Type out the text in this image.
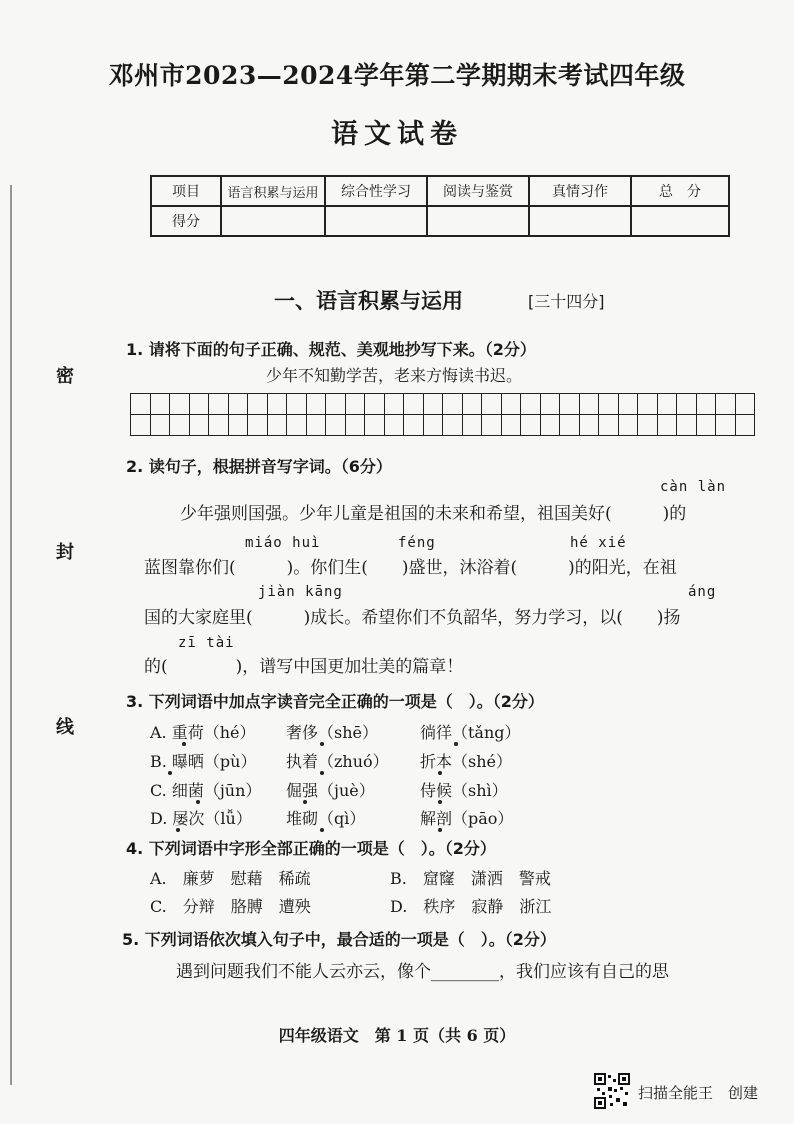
密
封
线
邓州市2023—2024学年第二学期期末考试四年级
语文试卷
项目	语言积累与运用	综合性学习	阅读与鉴赏	真情习作	总　分
得分					
一、语言积累与运用	[三十四分]
1. 请将下面的句子正确、规范、美观地抄写下来。（2分）
少年不知勤学苦，老来方悔读书迟。

2. 读句子，根据拼音写字词。（6分）
càn làn
少年强则国强。少年儿童是祖国的未来和希望，祖国美好(　　　)的
miáo huì	féng	hé xié
蓝图靠你们(　　　)。你们生(　　)盛世，沐浴着(　　　)的阳光，在祖
jiàn kāng	áng
国的大家庭里(　　　)成长。希望你们不负韶华，努力学习，以(　　)扬
zī tài
的(　　　　)，谱写中国更加壮美的篇章！
3. 下列词语中加点字读音完全正确的一项是（　）。（2分）
A. 重荷（hé） 奢侈（shē）	徜徉（tǎng）
B. 曝晒（pù） 执着（zhuó） 折本（shé）
C. 细菌（jūn） 倔强（juè）	侍候（shì）
D. 屡次（lǚ） 堆砌（qì）	解剖（pāo）
4. 下列词语中字形全部正确的一项是（　）。（2分）
A.　廉萝　慰藉　稀疏	B.　窟窿　潇洒　警戒
C.　分辩　胳膊　遭殃	D.　秩序　寂静　浙江
5. 下列词语依次填入句子中，最合适的一项是（　）。（2分）
遇到问题我们不能人云亦云，像个________，我们应该有自己的思
四年级语文　第 1 页（共 6 页）
扫描全能王　创建
